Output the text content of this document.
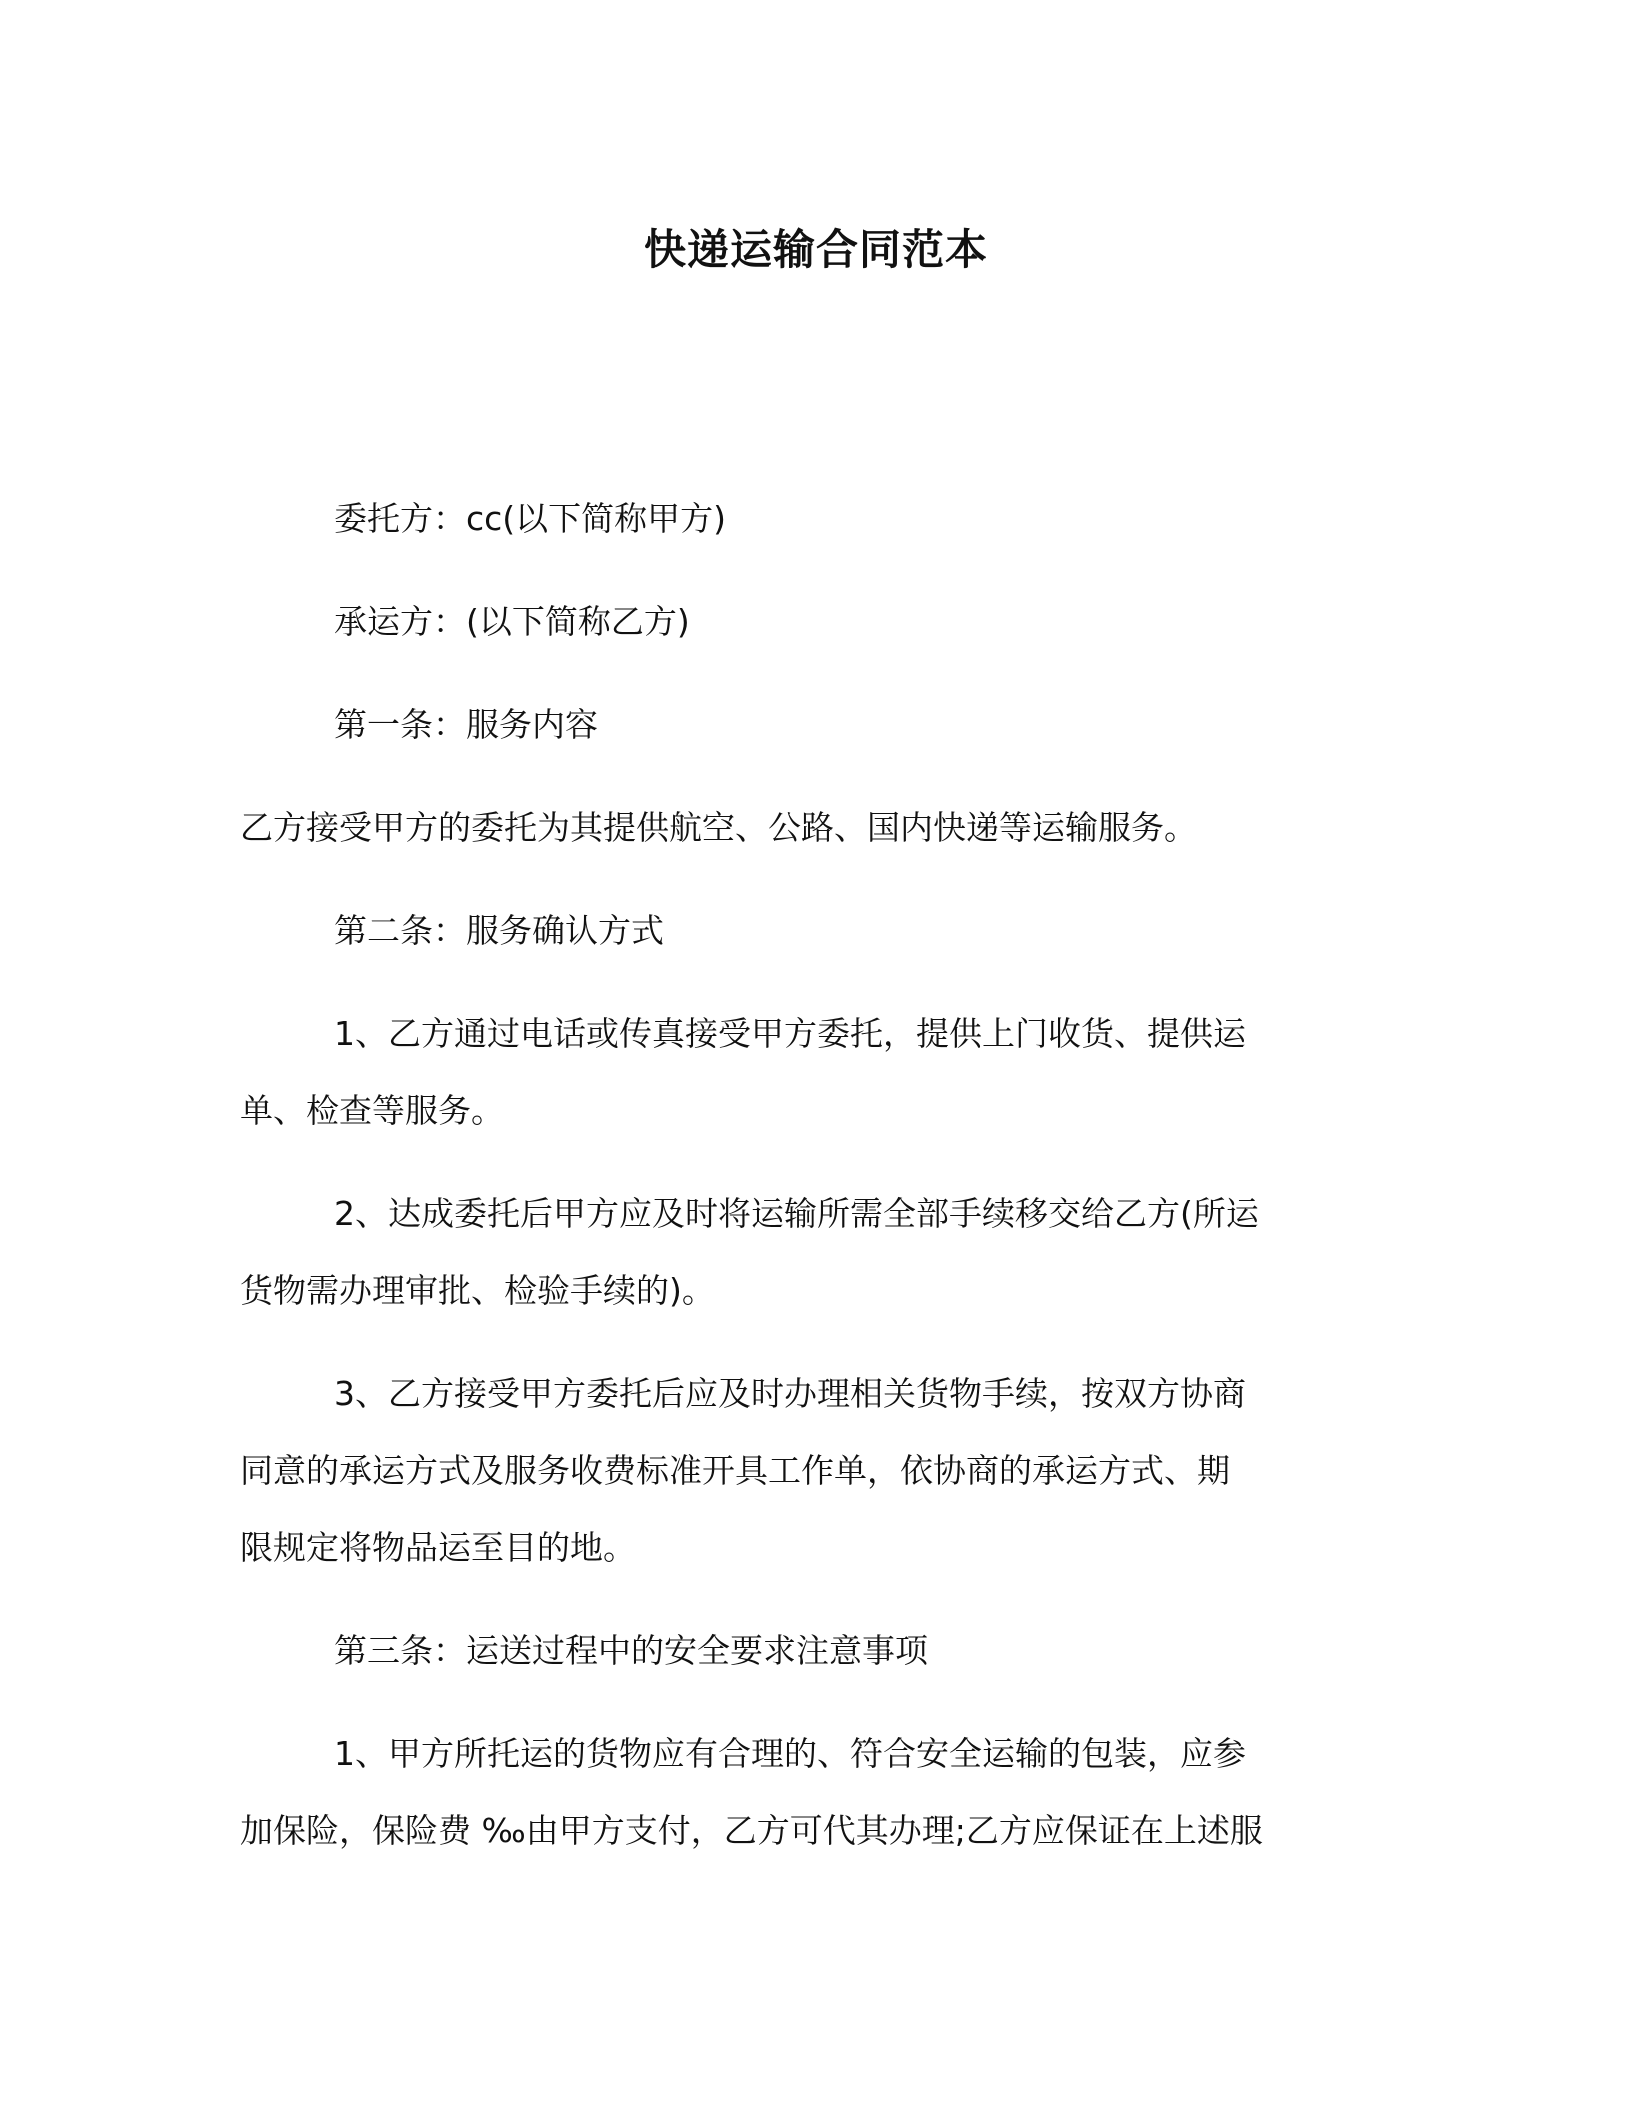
快递运输合同范本

委托方：cc(以下简称甲方)

承运方：(以下简称乙方)

第一条：服务内容

乙方接受甲方的委托为其提供航空、公路、国内快递等运输服务。

第二条：服务确认方式

1、乙方通过电话或传真接受甲方委托，提供上门收货、提供运
单、检查等服务。

2、达成委托后甲方应及时将运输所需全部手续移交给乙方(所运
货物需办理审批、检验手续的)。

3、乙方接受甲方委托后应及时办理相关货物手续，按双方协商
同意的承运方式及服务收费标准开具工作单，依协商的承运方式、期
限规定将物品运至目的地。

第三条：运送过程中的安全要求注意事项

1、甲方所托运的货物应有合理的、符合安全运输的包装，应参
加保险，保险费 ‰由甲方支付，乙方可代其办理;乙方应保证在上述服
